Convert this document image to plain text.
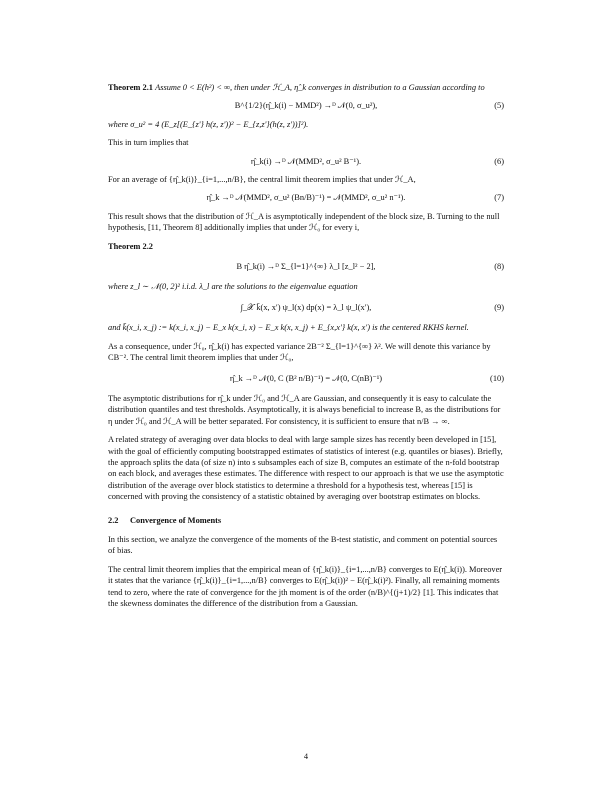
Theorem 2.1 Assume 0 < E(h²) < ∞, then under ℋ_A, η̂_k converges in distribution to a Gaussian according to
B^{1/2}(η̂_k(i) − MMD²) →ᴰ 𝒩(0, σ_u²),	(5)
where σ_u² = 4 (E_z[(E_{z'} h(z, z'))² − E_{z,z'}(h(z, z'))]²).
This in turn implies that
η̂_k(i) →ᴰ 𝒩(MMD², σ_u² B⁻¹).	(6)
For an average of {η̂_k(i)}_{i=1,...,n/B}, the central limit theorem implies that under ℋ_A,
η̂_k →ᴰ 𝒩(MMD², σ_u² (Bn/B)⁻¹) = 𝒩(MMD², σ_u² n⁻¹).	(7)
This result shows that the distribution of ℋ_A is asymptotically independent of the block size, B. Turning to the null hypothesis, [11, Theorem 8] additionally implies that under ℋ₀ for every i,
Theorem 2.2
B η̂_k(i) →ᴰ Σ_{l=1}^{∞} λ_l [z_l² − 2],	(8)
where z_l ∼ 𝒩(0, 2)² i.i.d. λ_l are the solutions to the eigenvalue equation
∫_𝒳 k̄(x, x′) ψ_l(x) dp(x) = λ_l ψ_l(x′),	(9)
and k̄(x_i, x_j) := k(x_i, x_j) − E_x k(x_i, x) − E_x k(x, x_j) + E_{x,x′} k(x, x′) is the centered RKHS kernel.
As a consequence, under ℋ₀, η̂_k(i) has expected variance 2B⁻² Σ_{l=1}^{∞} λ². We will denote this variance by CB⁻². The central limit theorem implies that under ℋ₀,
η̂_k →ᴰ 𝒩(0, C (B² n/B)⁻¹) = 𝒩(0, C(nB)⁻¹)	(10)
The asymptotic distributions for η̂_k under ℋ₀ and ℋ_A are Gaussian, and consequently it is easy to calculate the distribution quantiles and test thresholds. Asymptotically, it is always beneficial to increase B, as the distributions for η under ℋ₀ and ℋ_A will be better separated. For consistency, it is sufficient to ensure that n/B → ∞.
A related strategy of averaging over data blocks to deal with large sample sizes has recently been developed in [15], with the goal of efficiently computing bootstrapped estimates of statistics of interest (e.g. quantiles or biases). Briefly, the approach splits the data (of size n) into s subsamples each of size B, computes an estimate of the n-fold bootstrap on each block, and averages these estimates. The difference with respect to our approach is that we use the asymptotic distribution of the average over block statistics to determine a threshold for a hypothesis test, whereas [15] is concerned with proving the consistency of a statistic obtained by averaging over bootstrap estimates on blocks.
2.2 Convergence of Moments
In this section, we analyze the convergence of the moments of the B-test statistic, and comment on potential sources of bias.
The central limit theorem implies that the empirical mean of {η̂_k(i)}_{i=1,...,n/B} converges to E(η̂_k(i)). Moreover it states that the variance {η̂_k(i)}_{i=1,...,n/B} converges to E(η̂_k(i))² − E(η̂_k(i)²). Finally, all remaining moments tend to zero, where the rate of convergence for the jth moment is of the order (n/B)^{(j+1)/2} [1]. This indicates that the skewness dominates the difference of the distribution from a Gaussian.
4
